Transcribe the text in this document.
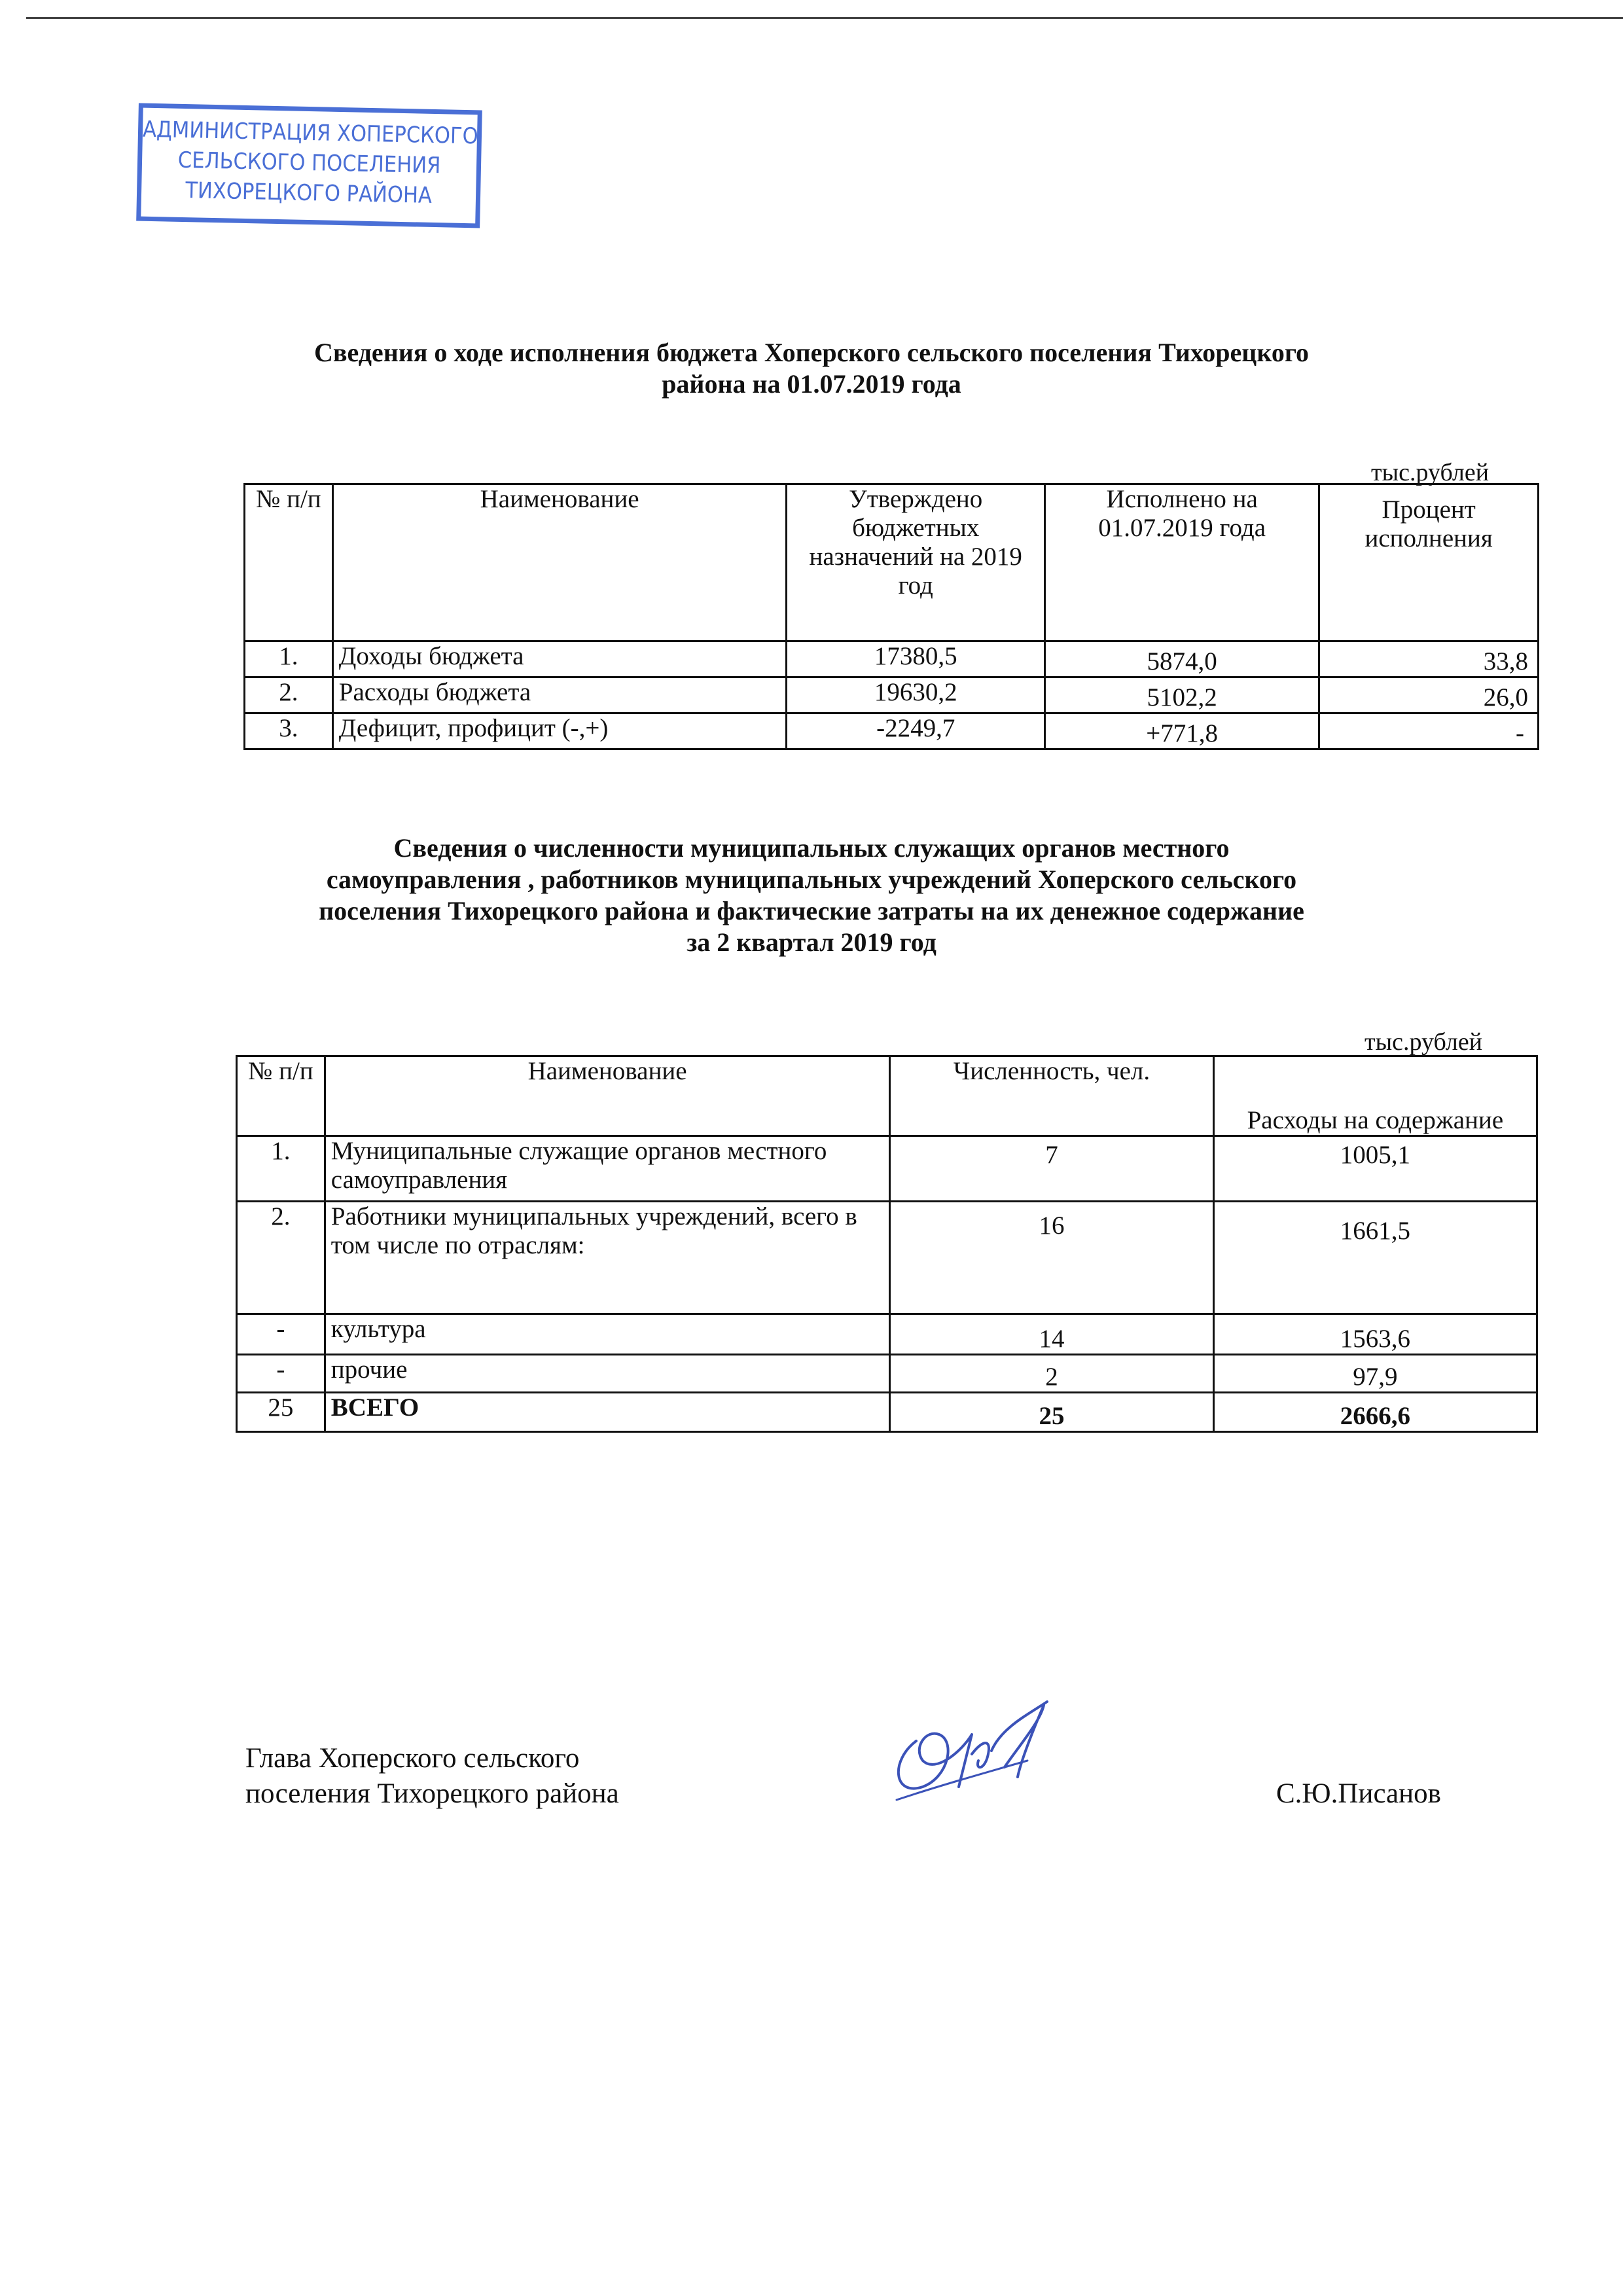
АДМИНИСТРАЦИЯ ХОПЕРСКОГО
СЕЛЬСКОГО ПОСЕЛЕНИЯ
ТИХОРЕЦКОГО РАЙОНА
Сведения о ходе исполнения бюджета Хоперского сельского поселения Тихорецкого
района на 01.07.2019 года
тыс.рублей
№ п/п	Наименование	Утверждено бюджетных назначений на 2019 год	Исполнено на 01.07.2019 года	Процент исполнения
1.	Доходы бюджета	17380,5	5874,0	33,8
2.	Расходы бюджета	19630,2	5102,2	26,0
3.	Дефицит, профицит (-,+)	-2249,7	+771,8	-
Сведения о численности муниципальных служащих органов местного
самоуправления , работников муниципальных учреждений Хоперского сельского
поселения Тихорецкого района и фактические затраты на их денежное содержание
за 2 квартал 2019 год
тыс.рублей
№ п/п	Наименование	Численность, чел.	Расходы на содержание
1.	Муниципальные служащие органов местного самоуправления	7	1005,1
2.	Работники муниципальных учреждений, всего в том числе по отраслям:	16	1661,5
-	культура	14	1563,6
-	прочие	2	97,9
25	ВСЕГО	25	2666,6
Глава Хоперского сельского
поселения Тихорецкого района	С.Ю.Писанов
